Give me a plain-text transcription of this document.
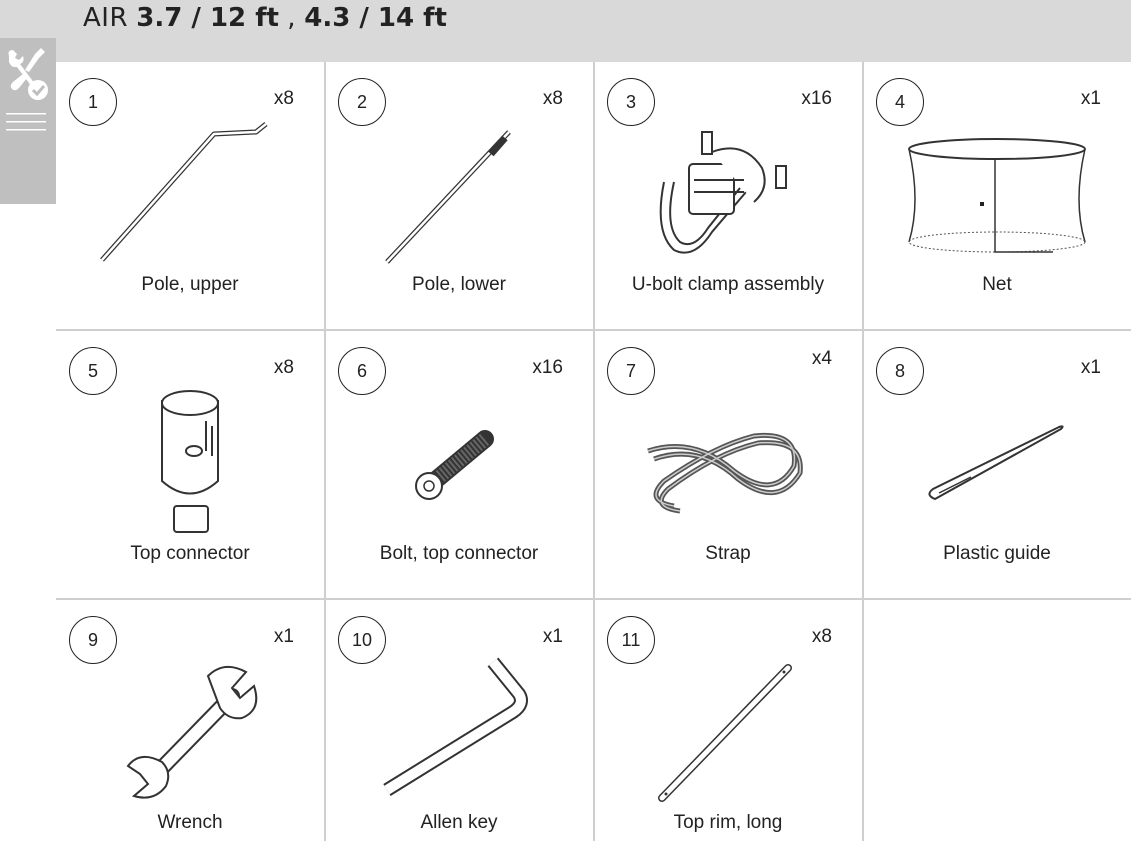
AIR 3.7 / 12 ft , 4.3 / 14 ft
1	x8
Pole, upper
2	x8
Pole, lower
3	x16
U-bolt clamp assembly
4	x1
Net
5	x8
Top connector
6	x16
Bolt, top connector
7
x4
Strap
8	x1
Plastic guide
9	x1
Wrench
10	x1
Allen key
11	x8
Top rim, long
